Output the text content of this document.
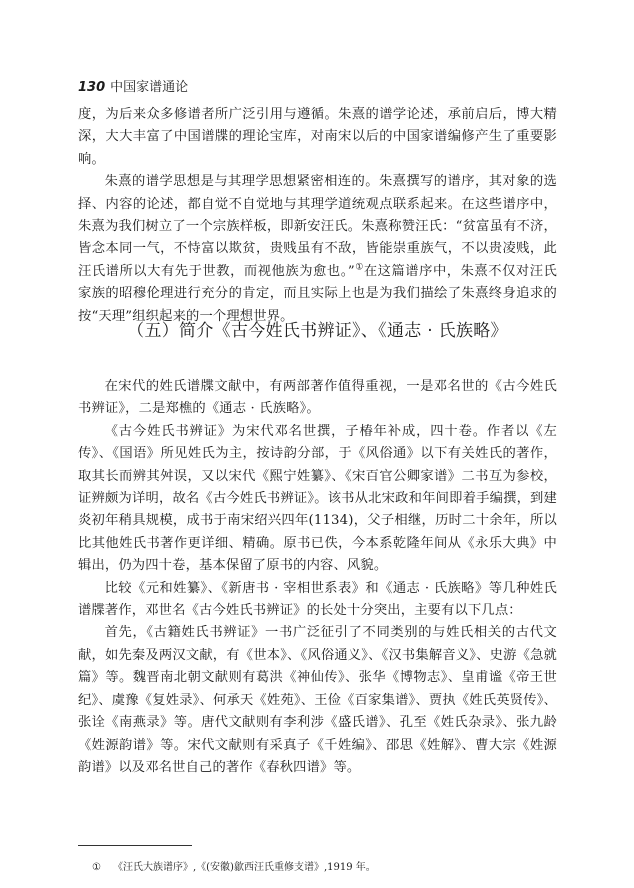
130 中国家谱通论

度，为后来众多修谱者所广泛引用与遵循。朱熹的谱学论述，承前启后，博大精深，大大丰富了中国谱牒的理论宝库，对南宋以后的中国家谱编修产生了重要影响。

朱熹的谱学思想是与其理学思想紧密相连的。朱熹撰写的谱序，其对象的选择、内容的论述，都自觉不自觉地与其理学道统观点联系起来。在这些谱序中，朱熹为我们树立了一个宗族样板，即新安汪氏。朱熹称赞汪氏：“贫富虽有不济，皆念本同一气，不恃富以欺贫，贵贱虽有不敌，皆能崇重族气，不以贵凌贱，此汪氏谱所以大有先于世教，而视他族为愈也。”①在这篇谱序中，朱熹不仅对汪氏家族的昭穆伦理进行充分的肯定，而且实际上也是为我们描绘了朱熹终身追求的按“天理”组织起来的一个理想世界。

（五）简介《古今姓氏书辨证》、《通志 · 氏族略》

在宋代的姓氏谱牒文献中，有两部著作值得重视，一是邓名世的《古今姓氏书辨证》，二是郑樵的《通志 · 氏族略》。

《古今姓氏书辨证》为宋代邓名世撰，子椿年补成，四十卷。作者以《左传》、《国语》所见姓氏为主，按诗韵分部，于《风俗通》以下有关姓氏的著作，取其长而辨其舛误，又以宋代《熙宁姓纂》、《宋百官公卿家谱》二书互为参校，证辨颇为详明，故名《古今姓氏书辨证》。该书从北宋政和年间即着手编撰，到建炎初年稍具规模，成书于南宋绍兴四年(1134)，父子相继，历时二十余年，所以比其他姓氏书著作更详细、精确。原书已佚，今本系乾隆年间从《永乐大典》中辑出，仍为四十卷，基本保留了原书的内容、风貌。

比较《元和姓纂》、《新唐书 · 宰相世系表》和《通志 · 氏族略》等几种姓氏谱牒著作，邓世名《古今姓氏书辨证》的长处十分突出，主要有以下几点：

首先，《古籍姓氏书辨证》一书广泛征引了不同类别的与姓氏相关的古代文献，如先秦及两汉文献，有《世本》、《风俗通义》、《汉书集解音义》、史游《急就篇》等。魏晋南北朝文献则有葛洪《神仙传》、张华《博物志》、皇甫谧《帝王世纪》、虞豫《复姓录》、何承天《姓苑》、王俭《百家集谱》、贾执《姓氏英贤传》、张诠《南燕录》等。唐代文献则有李利涉《盛氏谱》、孔至《姓氏杂录》、张九龄《姓源韵谱》等。宋代文献则有采真子《千姓编》、邵思《姓解》、曹大宗《姓源韵谱》以及邓名世自己的著作《春秋四谱》等。

① 《汪氏大族谱序》,《(安徽)歙西汪氏重修支谱》,1919 年。
